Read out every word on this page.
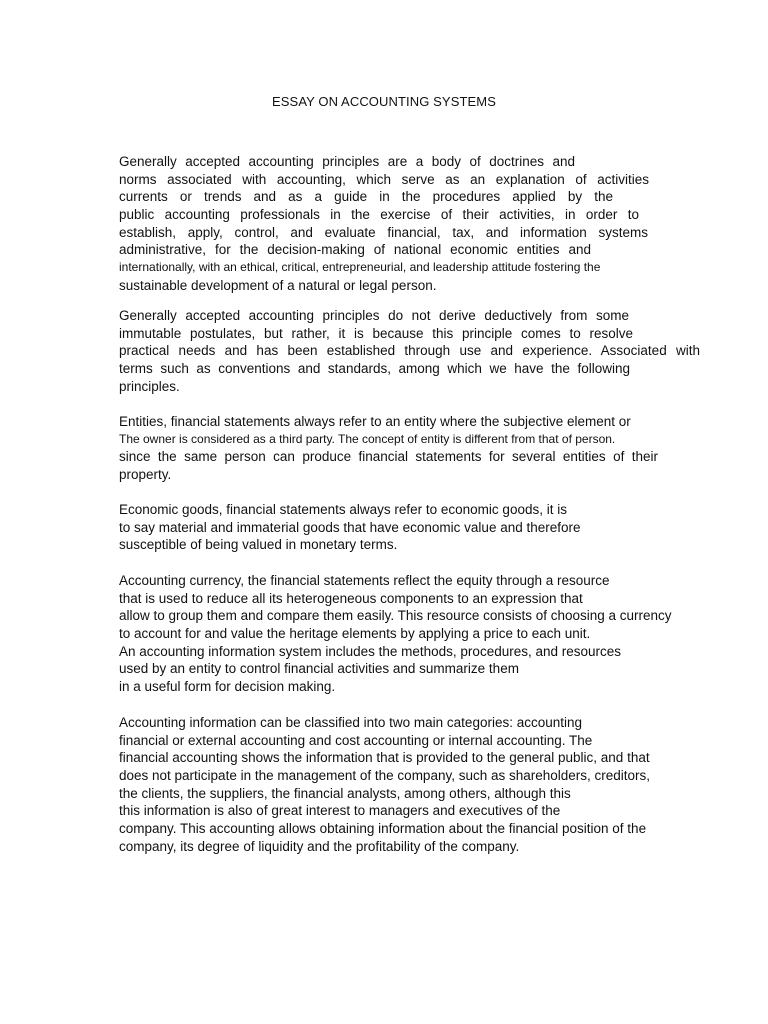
ESSAY ON ACCOUNTING SYSTEMS
Generally accepted accounting principles are a body of doctrines and
norms associated with accounting, which serve as an explanation of activities
currents or trends and as a guide in the procedures applied by the
public accounting professionals in the exercise of their activities, in order to
establish, apply, control, and evaluate financial, tax, and information systems
administrative, for the decision-making of national economic entities and
internationally, with an ethical, critical, entrepreneurial, and leadership attitude fostering the
sustainable development of a natural or legal person.
Generally accepted accounting principles do not derive deductively from some
immutable postulates, but rather, it is because this principle comes to resolve
practical needs and has been established through use and experience. Associated with
terms such as conventions and standards, among which we have the following
principles.
Entities, financial statements always refer to an entity where the subjective element or
The owner is considered as a third party. The concept of entity is different from that of person.
since the same person can produce financial statements for several entities of their
property.
Economic goods, financial statements always refer to economic goods, it is
to say material and immaterial goods that have economic value and therefore
susceptible of being valued in monetary terms.
Accounting currency, the financial statements reflect the equity through a resource
that is used to reduce all its heterogeneous components to an expression that
allow to group them and compare them easily. This resource consists of choosing a currency
to account for and value the heritage elements by applying a price to each unit.
An accounting information system includes the methods, procedures, and resources
used by an entity to control financial activities and summarize them
in a useful form for decision making.
Accounting information can be classified into two main categories: accounting
financial or external accounting and cost accounting or internal accounting. The
financial accounting shows the information that is provided to the general public, and that
does not participate in the management of the company, such as shareholders, creditors,
the clients, the suppliers, the financial analysts, among others, although this
this information is also of great interest to managers and executives of the
company. This accounting allows obtaining information about the financial position of the
company, its degree of liquidity and the profitability of the company.
